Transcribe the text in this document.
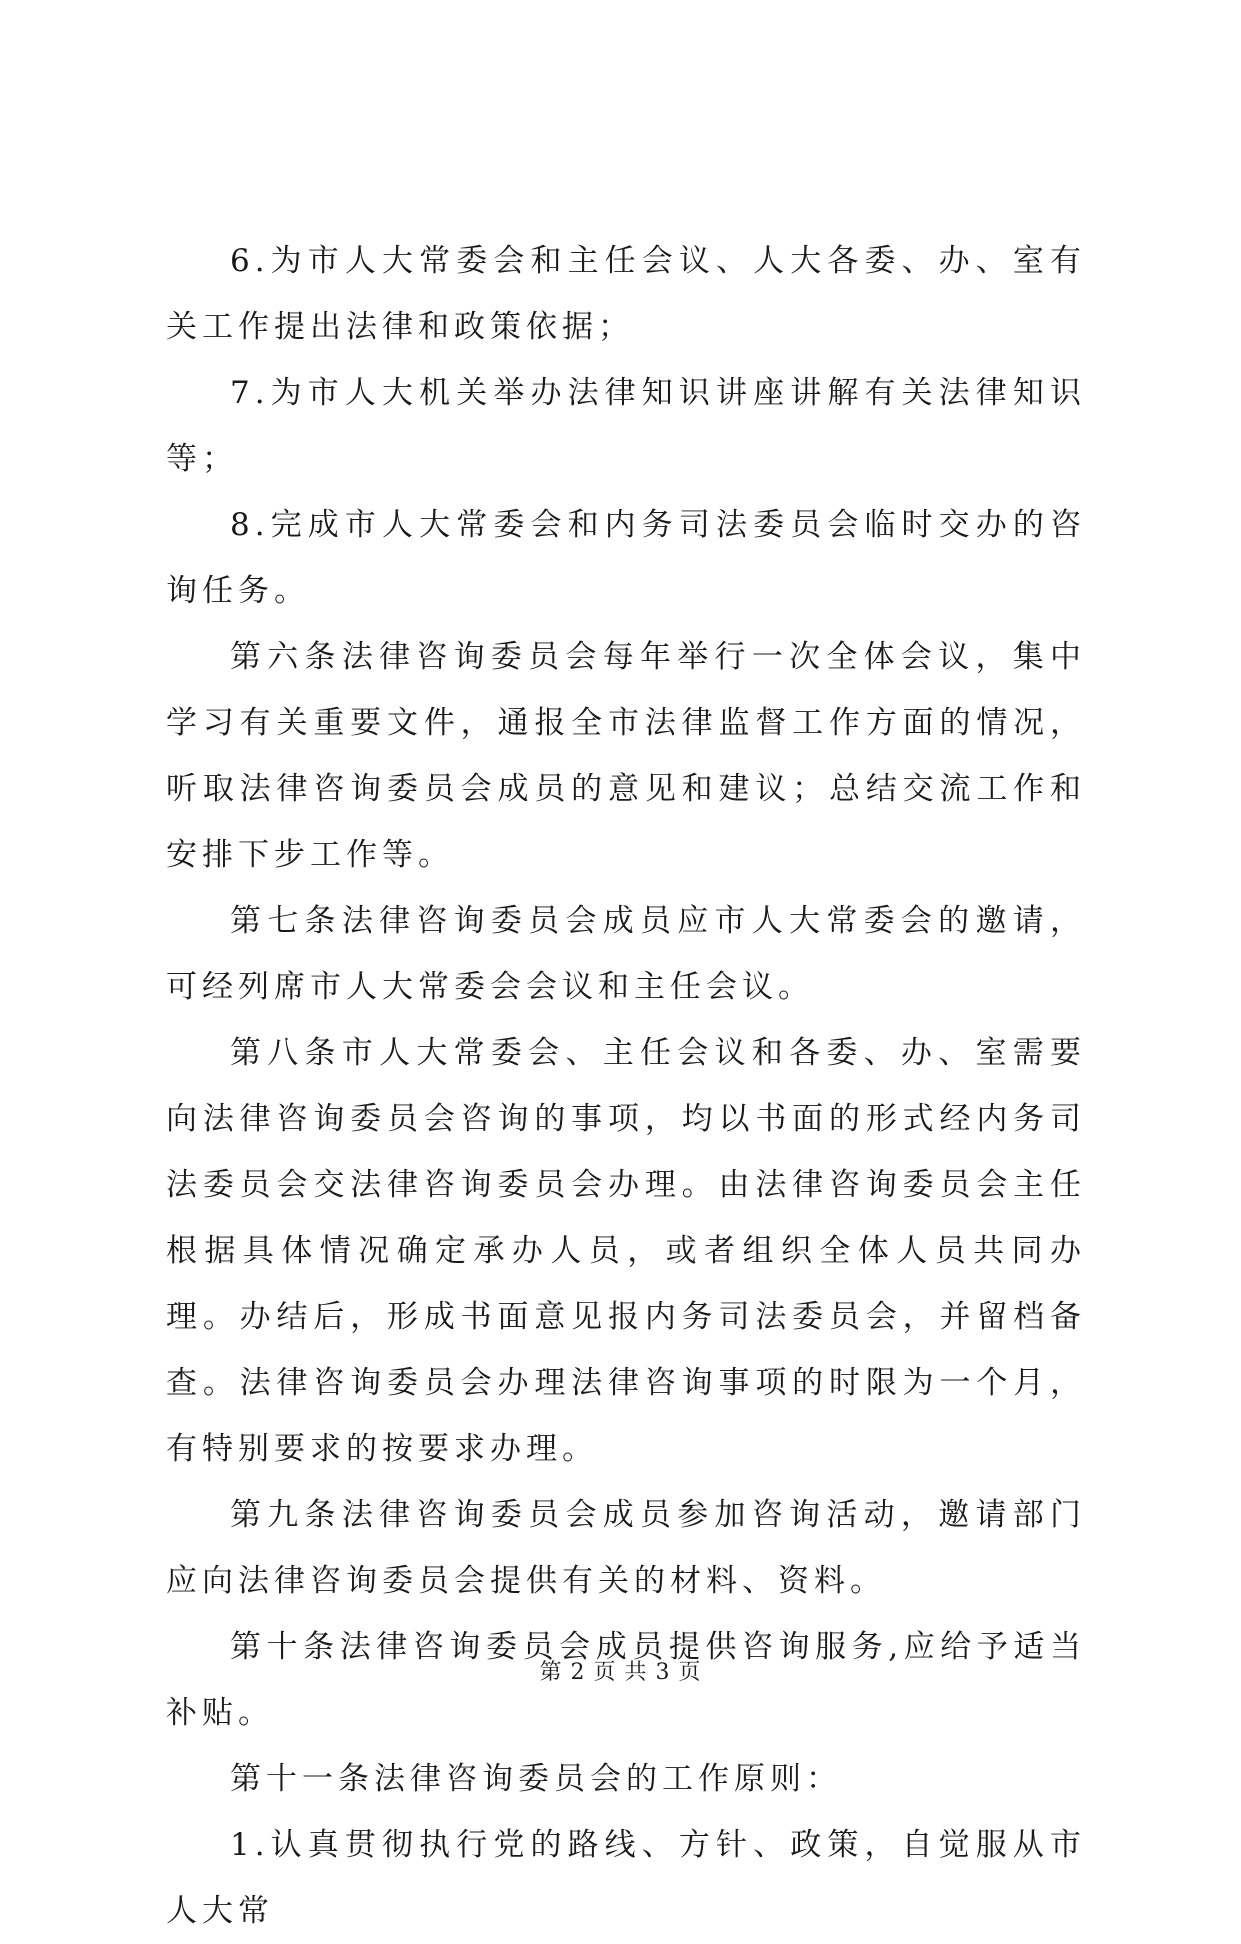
6.为市人大常委会和主任会议、人大各委、办、室有关工作提出法律和政策依据；

7.为市人大机关举办法律知识讲座讲解有关法律知识等；

8.完成市人大常委会和内务司法委员会临时交办的咨询任务。

第六条法律咨询委员会每年举行一次全体会议，集中学习有关重要文件，通报全市法律监督工作方面的情况，听取法律咨询委员会成员的意见和建议；总结交流工作和安排下步工作等。

第七条法律咨询委员会成员应市人大常委会的邀请，可经列席市人大常委会会议和主任会议。

第八条市人大常委会、主任会议和各委、办、室需要向法律咨询委员会咨询的事项，均以书面的形式经内务司法委员会交法律咨询委员会办理。由法律咨询委员会主任根据具体情况确定承办人员，或者组织全体人员共同办理。办结后，形成书面意见报内务司法委员会，并留档备查。法律咨询委员会办理法律咨询事项的时限为一个月，有特别要求的按要求办理。

第九条法律咨询委员会成员参加咨询活动，邀请部门应向法律咨询委员会提供有关的材料、资料。

第十条法律咨询委员会成员提供咨询服务,应给予适当补贴。

第十一条法律咨询委员会的工作原则：

1.认真贯彻执行党的路线、方针、政策，自觉服从市人大常

第 2 页 共 3 页
